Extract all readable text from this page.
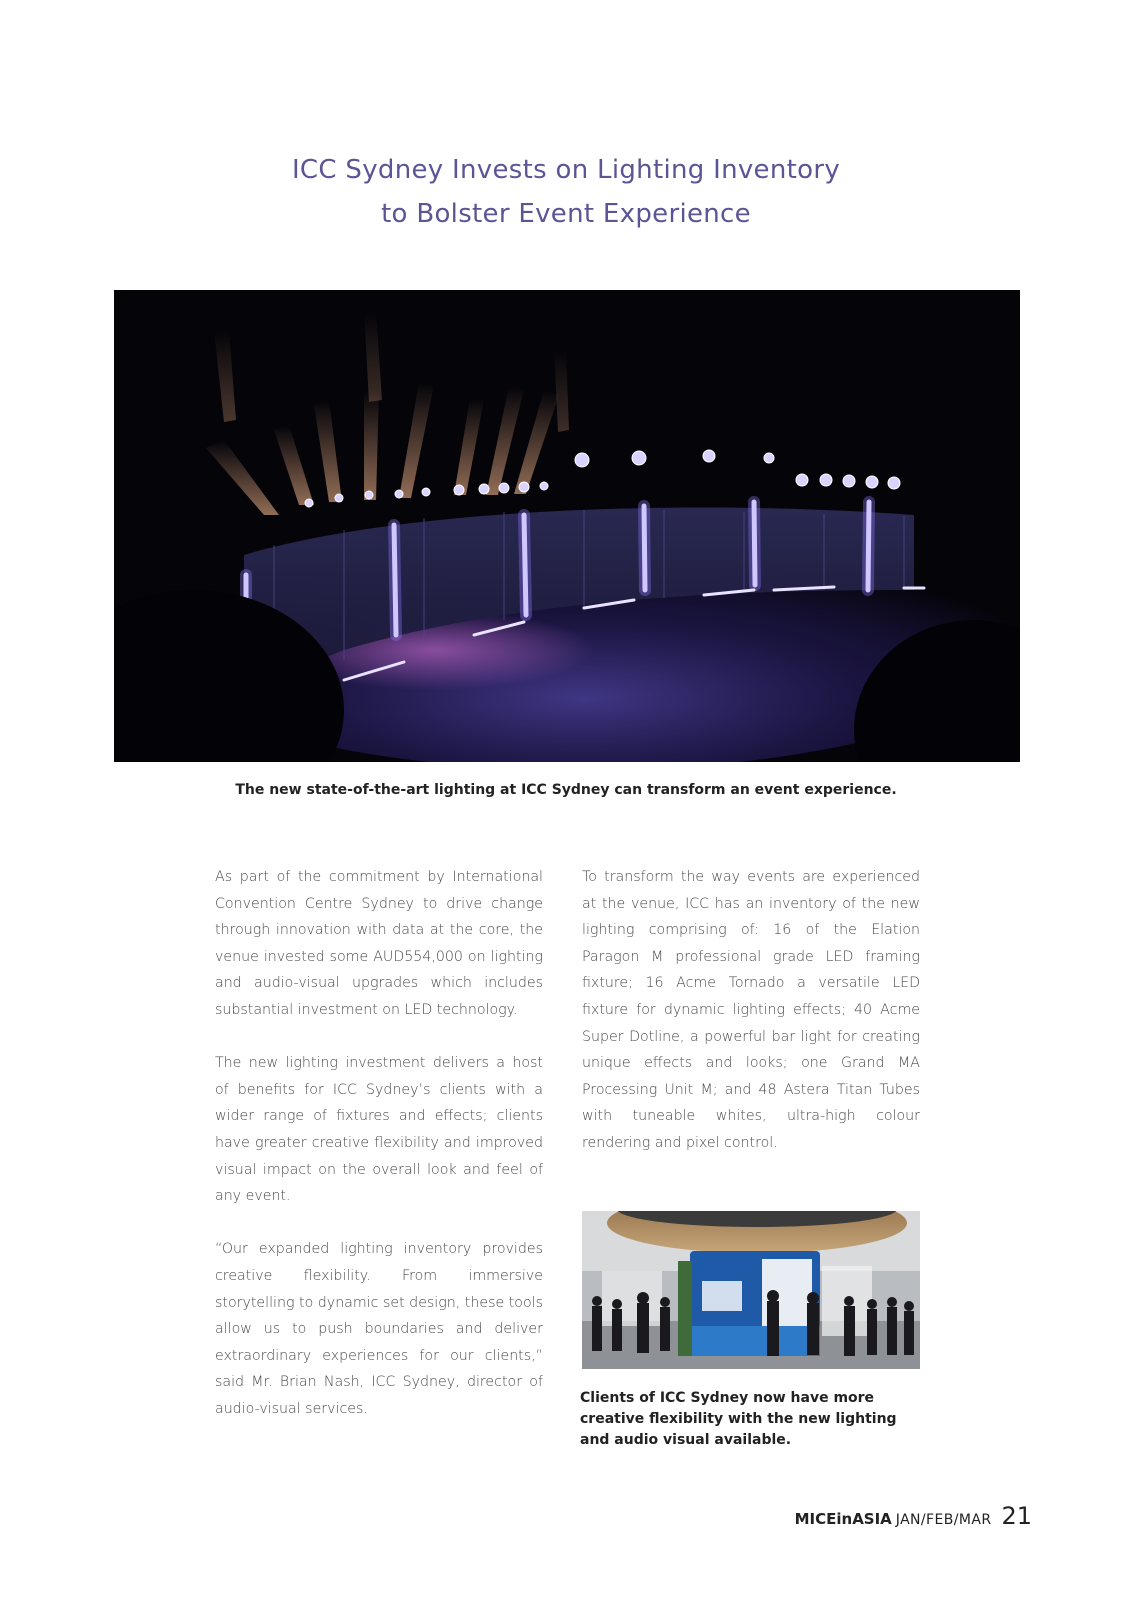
ICC Sydney Invests on Lighting Inventory
to Bolster Event Experience
The new state-of-the-art lighting at ICC Sydney can transform an event experience.

As part of the commitment by International Convention Centre Sydney to drive change through innovation with data at the core, the venue invested some AUD554,000 on lighting and audio-visual upgrades which includes substantial investment on LED technology.

The new lighting investment delivers a host of benefits for ICC Sydney’s clients with a wider range of fixtures and effects; clients have greater creative flexibility and improved visual impact on the overall look and feel of any event.

“Our expanded lighting inventory provides creative flexibility. From immersive storytelling to dynamic set design, these tools allow us to push boundaries and deliver extraordinary experiences for our clients,” said Mr. Brian Nash, ICC Sydney, director of audio-visual services.

To transform the way events are experienced at the venue, ICC has an inventory of the new lighting comprising of: 16 of the Elation Paragon M professional grade LED framing fixture; 16 Acme Tornado a versatile LED fixture for dynamic lighting effects; 40 Acme Super Dotline, a powerful bar light for creating unique effects and looks; one Grand MA Processing Unit M; and 48 Astera Titan Tubes with tuneable whites, ultra-high colour rendering and pixel control.

Clients of ICC Sydney now have more creative flexibility with the new lighting and audio visual available.
MICEinASIA JAN/FEB/MAR 21
